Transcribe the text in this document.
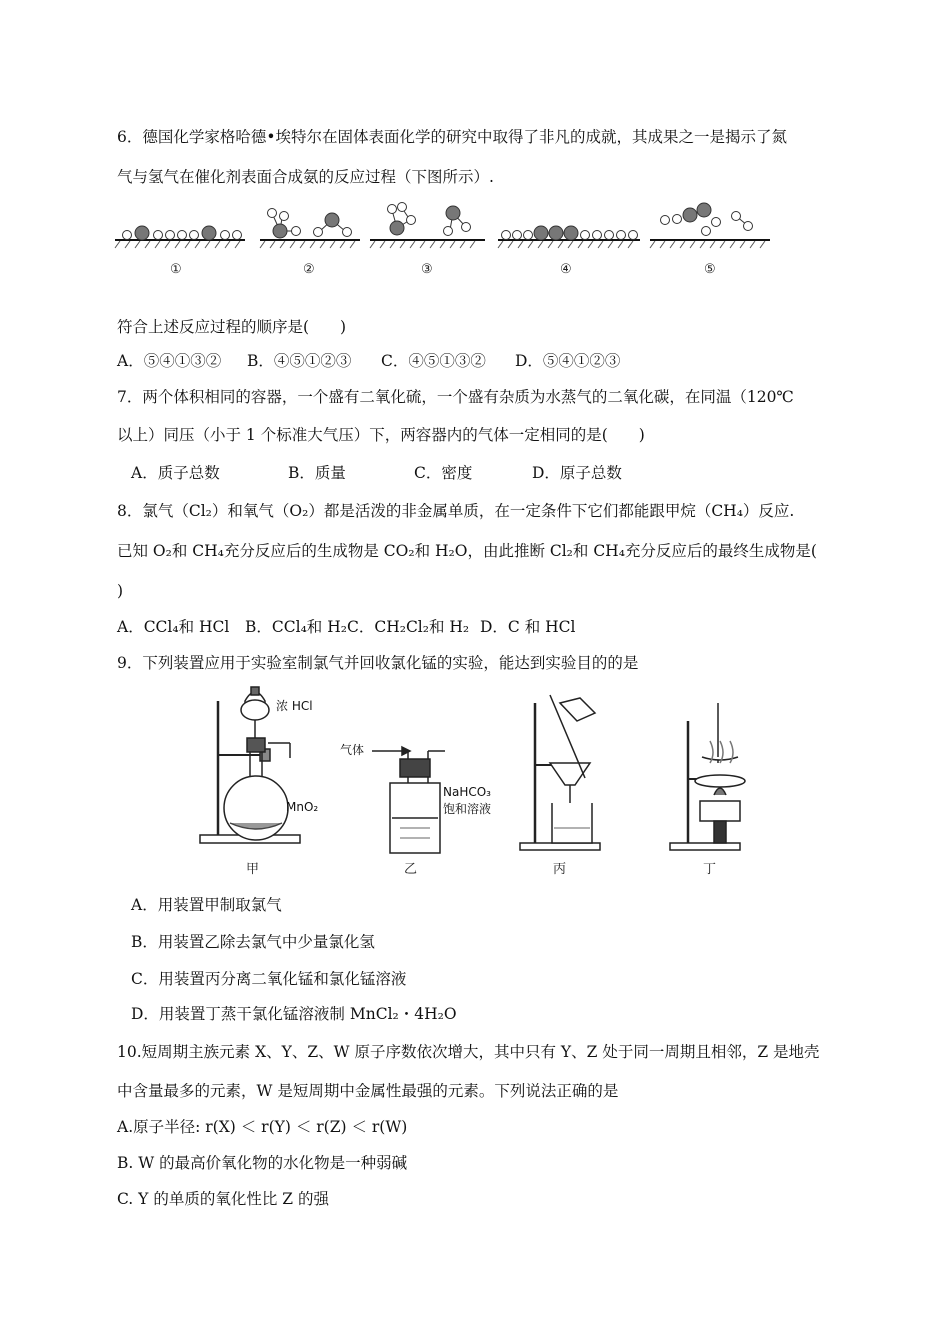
6．德国化学家格哈德•埃特尔在固体表面化学的研究中取得了非凡的成就，其成果之一是揭示了氮
气与氢气在催化剂表面合成氨的反应过程（下图所示）.
①	②	③	④	⑤
符合上述反应过程的顺序是(　　)
A．⑤④①③② B．④⑤①②③ C．④⑤①③② D．⑤④①②③
7．两个体积相同的容器，一个盛有二氧化硫，一个盛有杂质为水蒸气的二氧化碳，在同温（120℃
以上）同压（小于 1 个标准大气压）下，两容器内的气体一定相同的是(　　)
A．质子总数	B．质量	C．密度	D．原子总数
8．氯气（Cl₂）和氧气（O₂）都是活泼的非金属单质，在一定条件下它们都能跟甲烷（CH₄）反应.
已知 O₂和 CH₄充分反应后的生成物是 CO₂和 H₂O，由此推断 Cl₂和 CH₄充分反应后的最终生成物是(
)
A．CCl₄和 HCl B．CCl₄和 H₂C．CH₂Cl₂和 H₂ D．C 和 HCl
9．下列装置应用于实验室制氯气并回收氯化锰的实验，能达到实验目的的是
浓 HCl
MnO₂
气体
NaHCO₃
饱和溶液
甲	乙	丙	丁
A．用装置甲制取氯气
B．用装置乙除去氯气中少量氯化氢
C．用装置丙分离二氧化锰和氯化锰溶液
D．用装置丁蒸干氯化锰溶液制 MnCl₂・4H₂O
10.短周期主族元素 X、Y、Z、W 原子序数依次增大，其中只有 Y、Z 处于同一周期且相邻，Z 是地壳
中含量最多的元素，W 是短周期中金属性最强的元素。下列说法正确的是
A.原子半径: r(X) ＜ r(Y) ＜ r(Z) ＜ r(W)
B. W 的最高价氧化物的水化物是一种弱碱
C. Y 的单质的氧化性比 Z 的强
